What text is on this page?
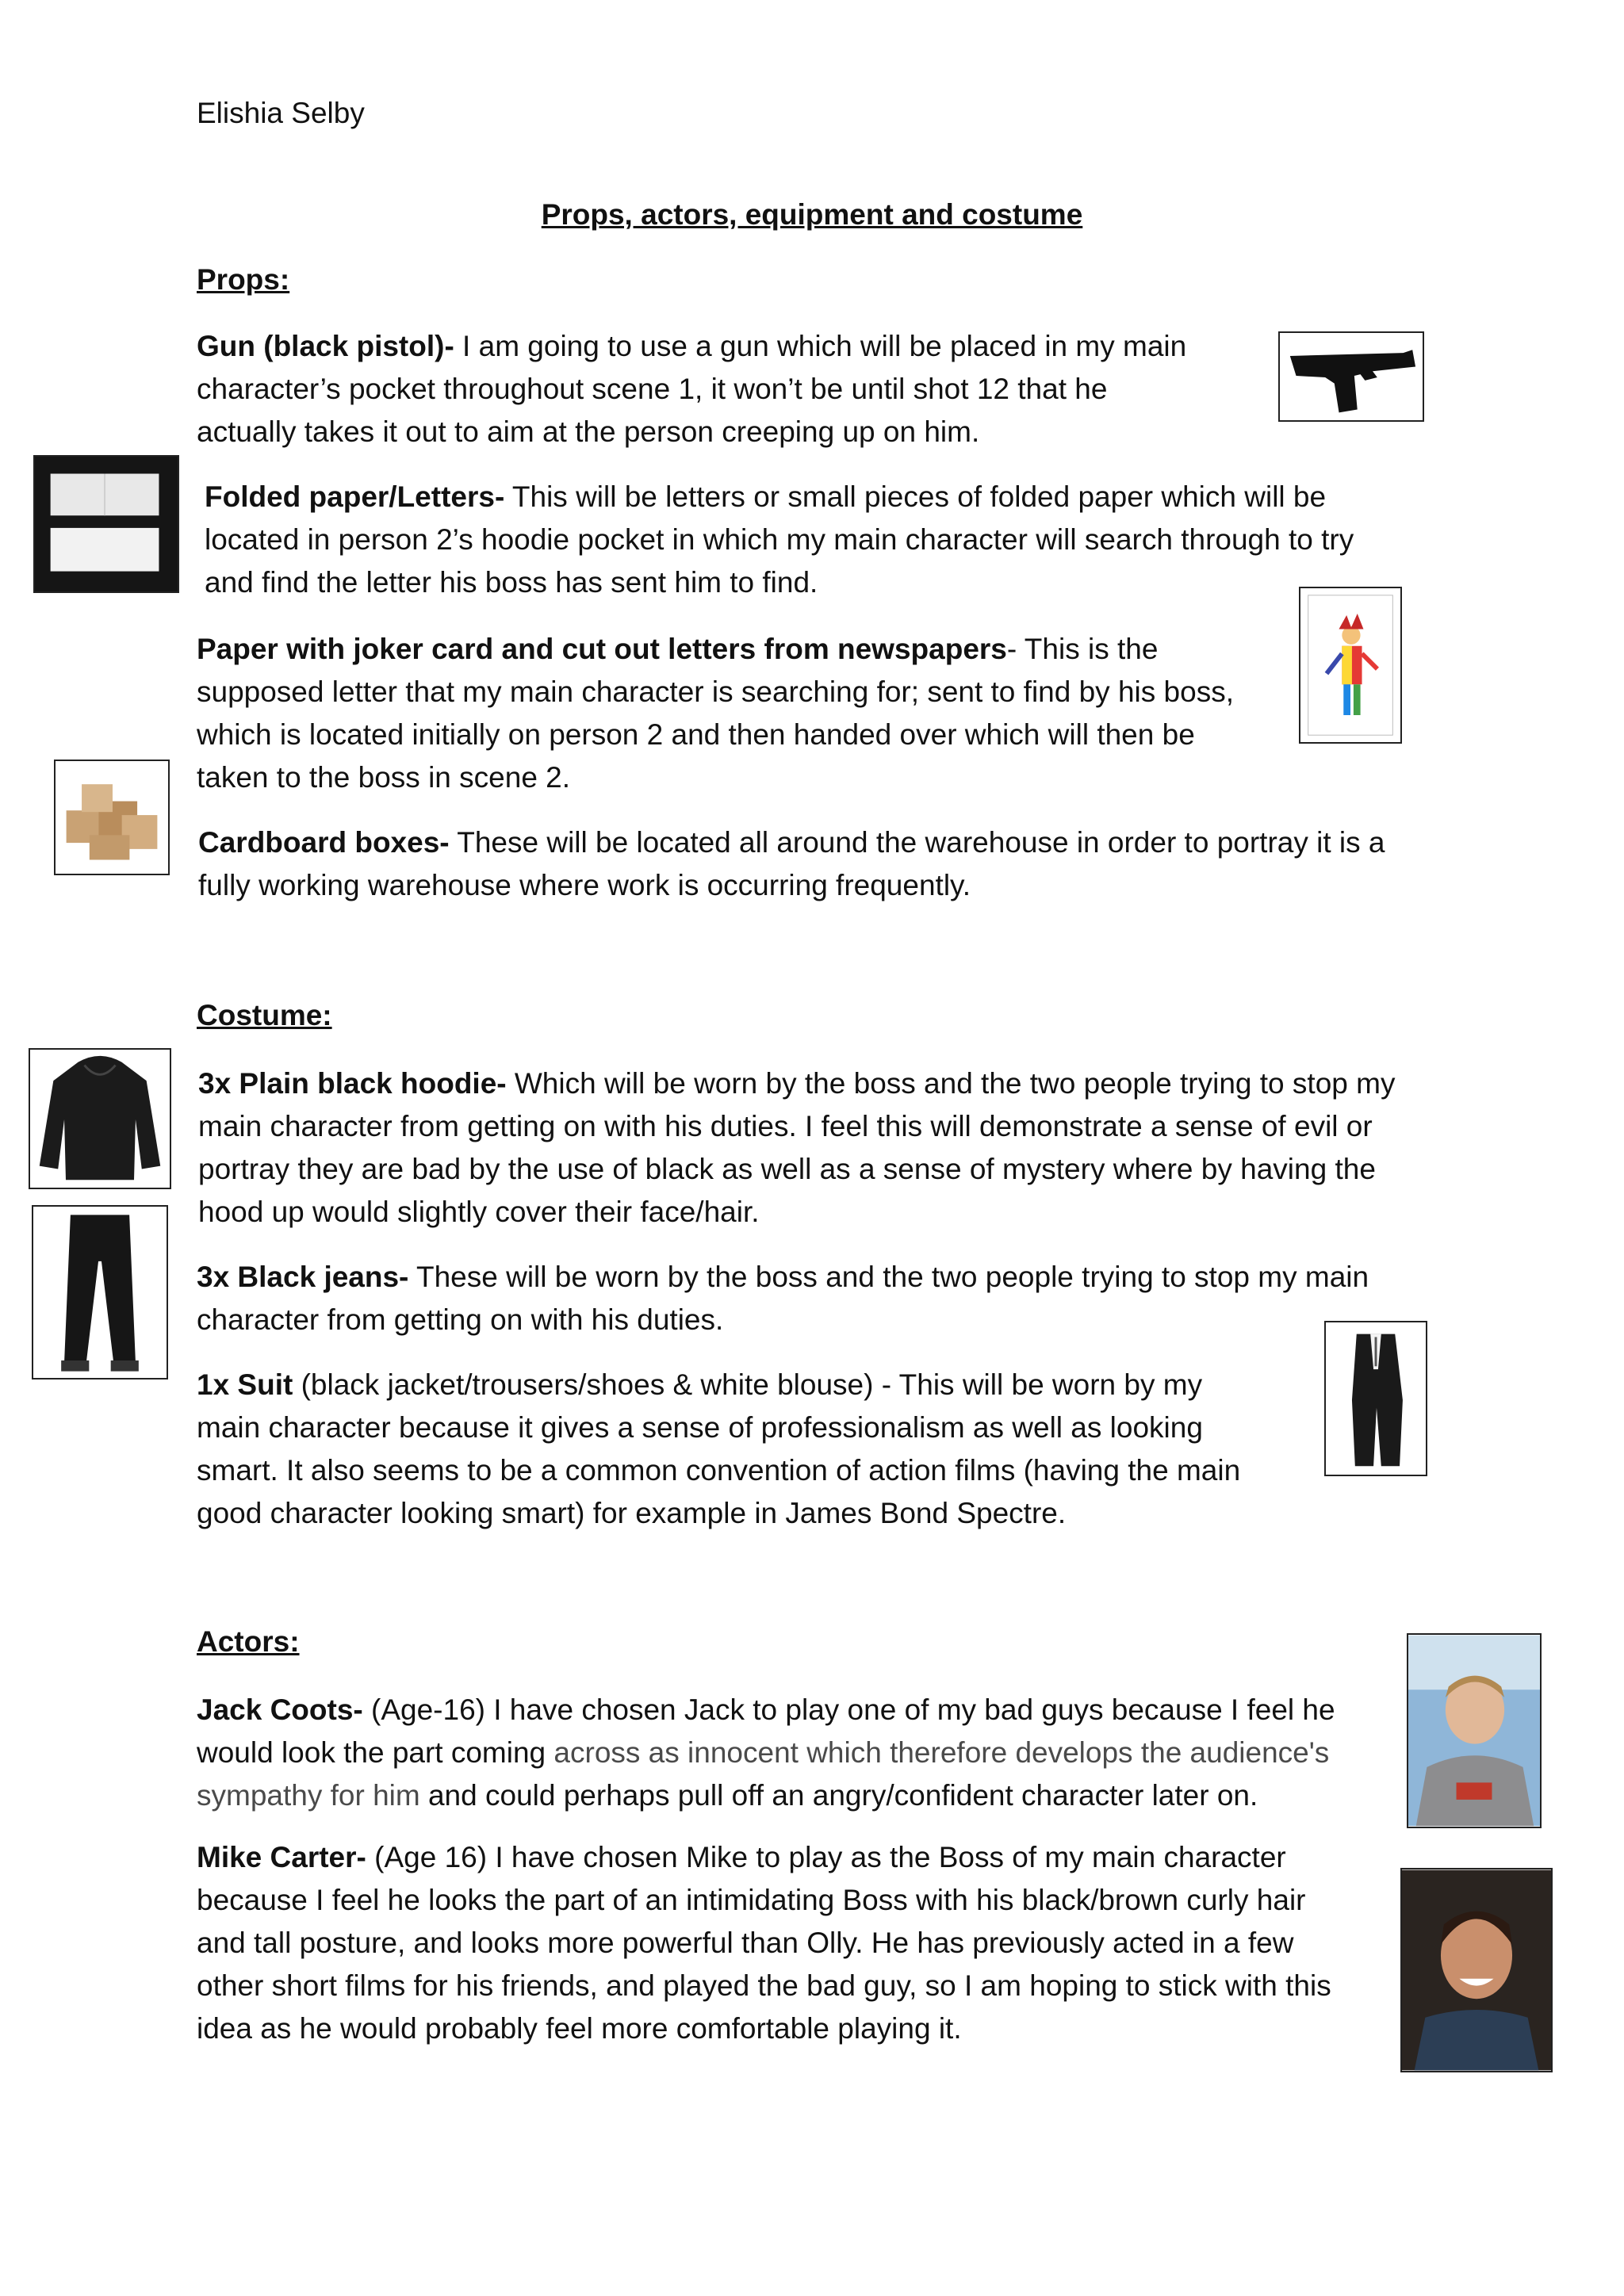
Elishia Selby

Props, actors, equipment and costume

Props:

Gun (black pistol)- I am going to use a gun which will be placed in my main
character’s pocket throughout scene 1, it won’t be until shot 12 that he
actually takes it out to aim at the person creeping up on him.
Folded paper/Letters- This will be letters or small pieces of folded paper which will be
located in person 2’s hoodie pocket in which my main character will search through to try
and find the letter his boss has sent him to find.
Paper with joker card and cut out letters from newspapers- This is the
supposed letter that my main character is searching for; sent to find by his boss,
which is located initially on person 2 and then handed over which will then be
taken to the boss in scene 2.
Cardboard boxes- These will be located all around the warehouse in order to portray it is a
fully working warehouse where work is occurring frequently.

Costume:

3x Plain black hoodie- Which will be worn by the boss and the two people trying to stop my
main character from getting on with his duties. I feel this will demonstrate a sense of evil or
portray they are bad by the use of black as well as a sense of mystery where by having the
hood up would slightly cover their face/hair.
3x Black jeans- These will be worn by the boss and the two people trying to stop my main
character from getting on with his duties.
1x Suit (black jacket/trousers/shoes & white blouse) - This will be worn by my
main character because it gives a sense of professionalism as well as looking
smart. It also seems to be a common convention of action films (having the main
good character looking smart) for example in James Bond Spectre.

Actors:

Jack Coots- (Age-16) I have chosen Jack to play one of my bad guys because I feel he
would look the part coming across as innocent which therefore develops the audience's
sympathy for him and could perhaps pull off an angry/confident character later on.
Mike Carter- (Age 16) I have chosen Mike to play as the Boss of my main character
because I feel he looks the part of an intimidating Boss with his black/brown curly hair
and tall posture, and looks more powerful than Olly. He has previously acted in a few
other short films for his friends, and played the bad guy, so I am hoping to stick with this
idea as he would probably feel more comfortable playing it.
